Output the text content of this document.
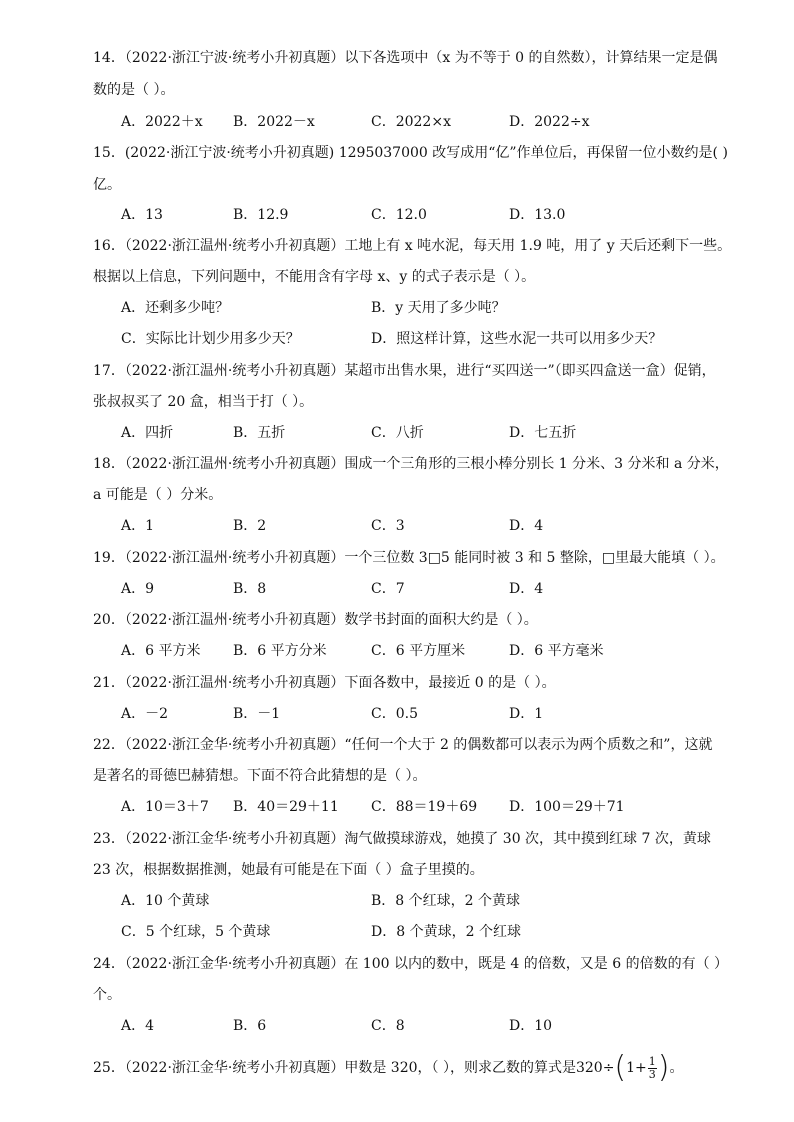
14．（2022·浙江宁波·统考小升初真题）以下各选项中（x 为不等于 0 的自然数），计算结果一定是偶
数的是（ ）。
A．2022＋x B．2022－x	C．2022×x	D．2022÷x
15．(2022·浙江宁波·统考小升初真题) 1295037000 改写成用“亿”作单位后，再保留一位小数约是( )
亿。
A．13	B．12.9	C．12.0	D．13.0
16．（2022·浙江温州·统考小升初真题）工地上有 x 吨水泥，每天用 1.9 吨，用了 y 天后还剩下一些。
根据以上信息，下列问题中，不能用含有字母 x、y 的式子表示是（ ）。
A．还剩多少吨？	B．y 天用了多少吨？
C．实际比计划少用多少天？	D．照这样计算，这些水泥一共可以用多少天？
17．（2022·浙江温州·统考小升初真题）某超市出售水果，进行“买四送一”（即买四盒送一盒）促销，
张叔叔买了 20 盒，相当于打（ ）。
A．四折	B．五折	C．八折	D．七五折
18．（2022·浙江温州·统考小升初真题）围成一个三角形的三根小棒分别长 1 分米、3 分米和 a 分米，
a 可能是（ ）分米。
A．1	B．2	C．3	D．4
19．（2022·浙江温州·统考小升初真题）一个三位数 3□5 能同时被 3 和 5 整除，□里最大能填（ ）。
A．9	B．8	C．7	D．4
20．（2022·浙江温州·统考小升初真题）数学书封面的面积大约是（ ）。
A．6 平方米 B．6 平方分米	C．6 平方厘米	D．6 平方毫米
21．（2022·浙江温州·统考小升初真题）下面各数中，最接近 0 的是（ ）。
A．－2	B．－1	C．0.5	D．1
22．（2022·浙江金华·统考小升初真题）“任何一个大于 2 的偶数都可以表示为两个质数之和”，这就
是著名的哥德巴赫猜想。下面不符合此猜想的是（ ）。
A．10＝3＋7 B．40＝29＋11 C．88＝19＋69 D．100＝29＋71
23．（2022·浙江金华·统考小升初真题）淘气做摸球游戏，她摸了 30 次，其中摸到红球 7 次，黄球
23 次，根据数据推测，她最有可能是在下面（ ）盒子里摸的。
A．10 个黄球	B．8 个红球，2 个黄球
C．5 个红球，5 个黄球	D．8 个黄球，2 个红球
24．（2022·浙江金华·统考小升初真题）在 100 以内的数中，既是 4 的倍数，又是 6 的倍数的有（ ）
个。
A．4	B．6	C．8	D．10
25．（2022·浙江金华·统考小升初真题）甲数是 320，（ ），则求乙数的算式是 320÷ ( $1+ \frac{1}{3}$ ) 。
